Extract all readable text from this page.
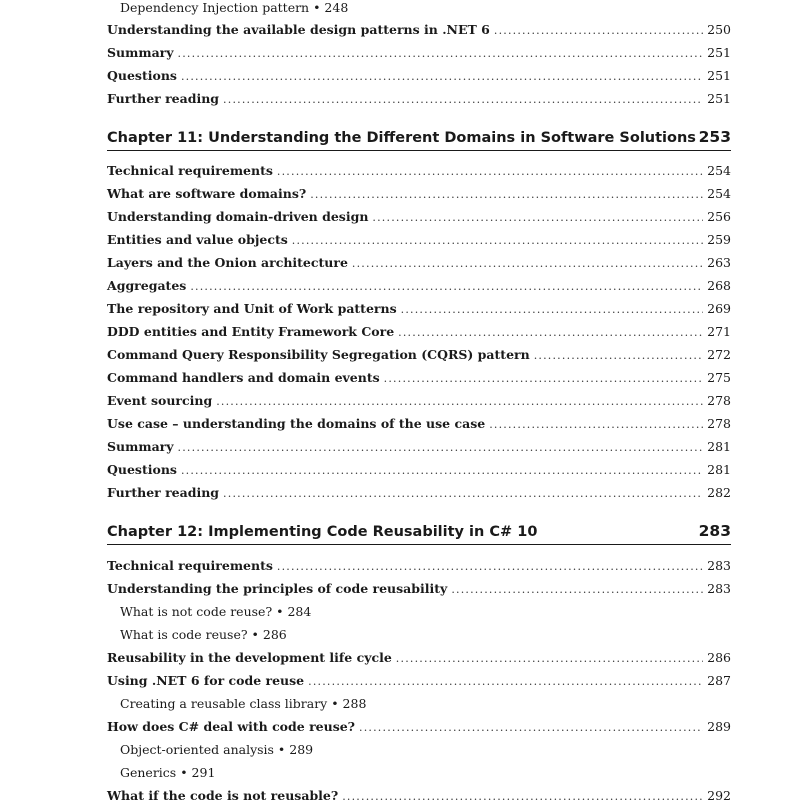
Dependency Injection pattern • 248
Understanding the available design patterns in .NET 6 .....	250
Summary .....	251
Questions .....	251
Further reading .....	251
Chapter 11: Understanding the Different Domains in Software Solutions 253
Technical requirements .....	254
What are software domains? .....	254
Understanding domain-driven design .....	256
Entities and value objects .....	259
Layers and the Onion architecture .....	263
Aggregates .....	268
The repository and Unit of Work patterns .....	269
DDD entities and Entity Framework Core .....	271
Command Query Responsibility Segregation (CQRS) pattern .....	272
Command handlers and domain events .....	275
Event sourcing .....	278
Use case – understanding the domains of the use case .....	278
Summary .....	281
Questions .....	281
Further reading .....	282
Chapter 12: Implementing Code Reusability in C# 10	283
Technical requirements .....	283
Understanding the principles of code reusability .....	283
What is not code reuse? • 284
What is code reuse? • 286
Reusability in the development life cycle .....	286
Using .NET 6 for code reuse .....	287
Creating a reusable class library • 288
How does C# deal with code reuse? .....	289
Object-oriented analysis • 289
Generics • 291
What if the code is not reusable? .....	292
